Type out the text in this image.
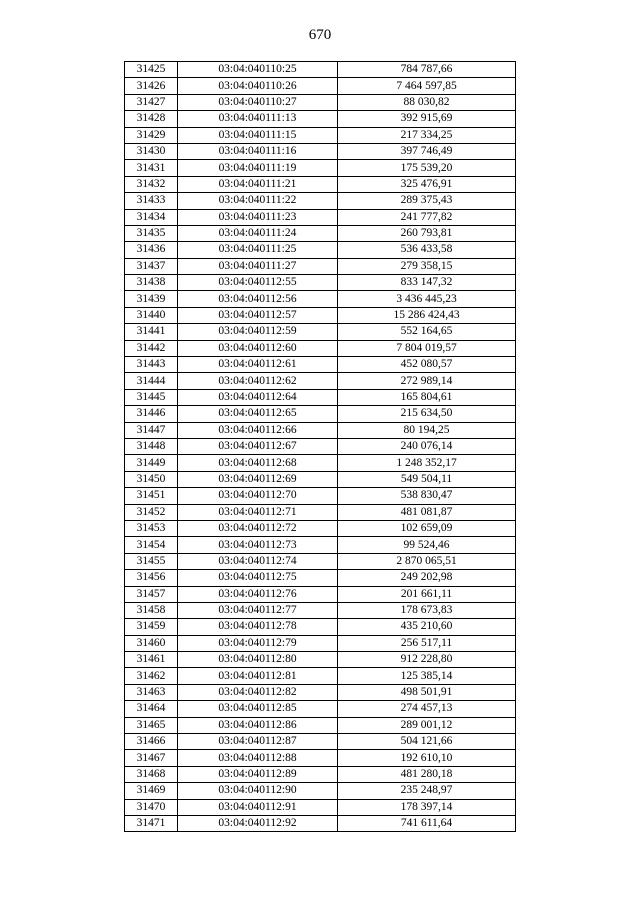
670
31425	03:04:040110:25	784 787,66
31426	03:04:040110:26	7 464 597,85
31427	03:04:040110:27	88 030,82
31428	03:04:040111:13	392 915,69
31429	03:04:040111:15	217 334,25
31430	03:04:040111:16	397 746,49
31431	03:04:040111:19	175 539,20
31432	03:04:040111:21	325 476,91
31433	03:04:040111:22	289 375,43
31434	03:04:040111:23	241 777,82
31435	03:04:040111:24	260 793,81
31436	03:04:040111:25	536 433,58
31437	03:04:040111:27	279 358,15
31438	03:04:040112:55	833 147,32
31439	03:04:040112:56	3 436 445,23
31440	03:04:040112:57	15 286 424,43
31441	03:04:040112:59	552 164,65
31442	03:04:040112:60	7 804 019,57
31443	03:04:040112:61	452 080,57
31444	03:04:040112:62	272 989,14
31445	03:04:040112:64	165 804,61
31446	03:04:040112:65	215 634,50
31447	03:04:040112:66	80 194,25
31448	03:04:040112:67	240 076,14
31449	03:04:040112:68	1 248 352,17
31450	03:04:040112:69	549 504,11
31451	03:04:040112:70	538 830,47
31452	03:04:040112:71	481 081,87
31453	03:04:040112:72	102 659,09
31454	03:04:040112:73	99 524,46
31455	03:04:040112:74	2 870 065,51
31456	03:04:040112:75	249 202,98
31457	03:04:040112:76	201 661,11
31458	03:04:040112:77	178 673,83
31459	03:04:040112:78	435 210,60
31460	03:04:040112:79	256 517,11
31461	03:04:040112:80	912 228,80
31462	03:04:040112:81	125 385,14
31463	03:04:040112:82	498 501,91
31464	03:04:040112:85	274 457,13
31465	03:04:040112:86	289 001,12
31466	03:04:040112:87	504 121,66
31467	03:04:040112:88	192 610,10
31468	03:04:040112:89	481 280,18
31469	03:04:040112:90	235 248,97
31470	03:04:040112:91	178 397,14
31471	03:04:040112:92	741 611,64
